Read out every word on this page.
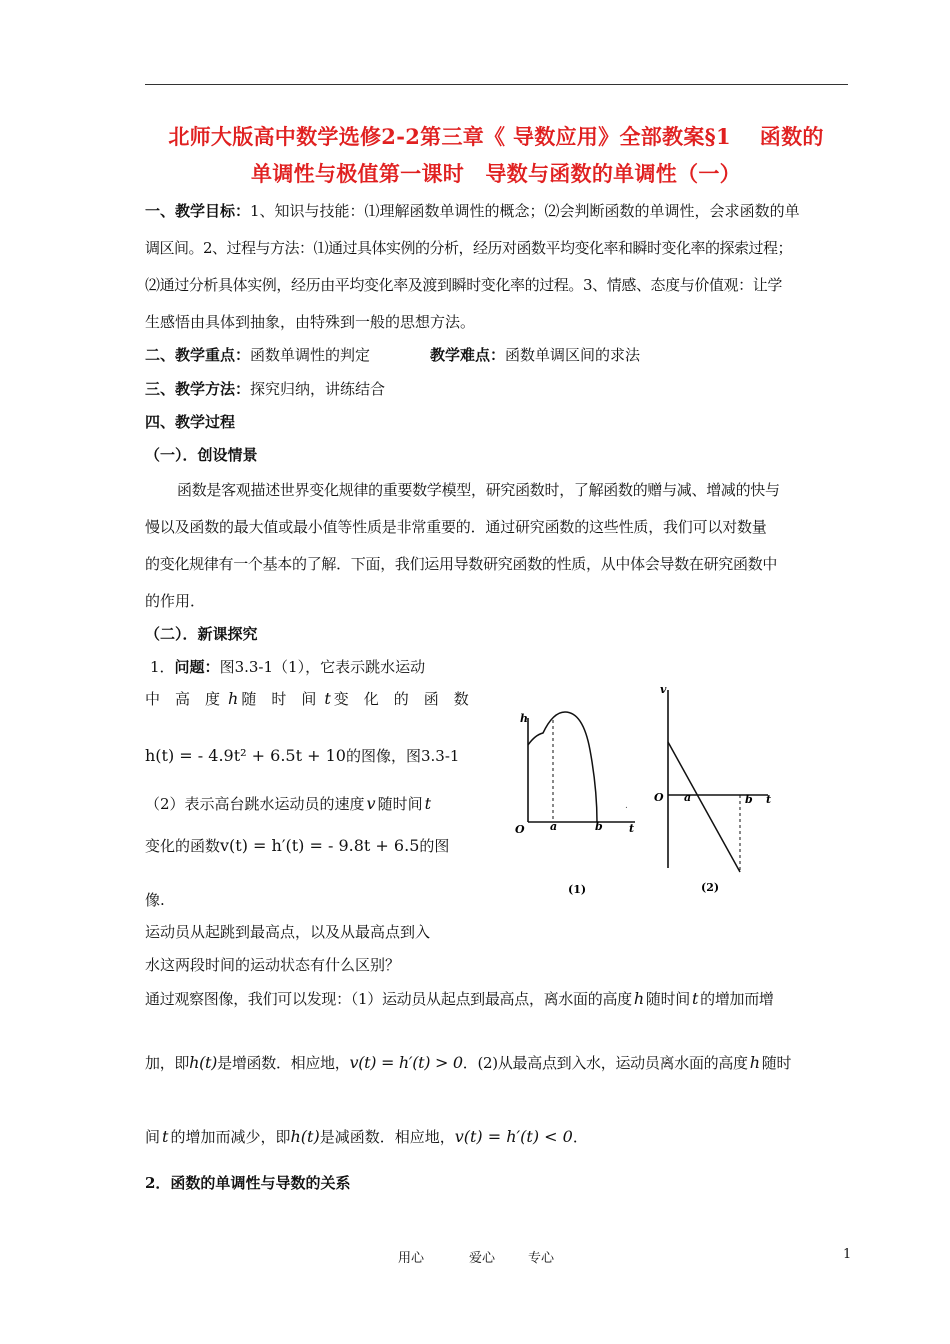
北师大版高中数学选修2-2第三章《 导数应用》全部教案§1　 函数的
单调性与极值第一课时　导数与函数的单调性（一）
一、教学目标：1、知识与技能：⑴理解函数单调性的概念；⑵会判断函数的单调性，会求函数的单
调区间。2、过程与方法：⑴通过具体实例的分析，经历对函数平均变化率和瞬时变化率的探索过程；
⑵通过分析具体实例，经历由平均变化率及渡到瞬时变化率的过程。3、情感、态度与价值观：让学
生感悟由具体到抽象，由特殊到一般的思想方法。
二、教学重点：函数单调性的判定	教学难点：函数单调区间的求法
三、教学方法：探究归纳，讲练结合
四、教学过程
（一）．创设情景
函数是客观描述世界变化规律的重要数学模型，研究函数时，了解函数的赠与减、增减的快与
慢以及函数的最大值或最小值等性质是非常重要的．通过研究函数的这些性质，我们可以对数量
的变化规律有一个基本的了解．下面，我们运用导数研究函数的性质，从中体会导数在研究函数中
的作用．
（二）．新课探究
1．问题：图3.3-1（1），它表示跳水运动
中　高　度 h 随　时　间 t 变　化　的　函　数
h(t) = - 4.9t² + 6.5t + 10的图像，图3.3-1
（2）表示高台跳水运动员的速度 v 随时间 t
变化的函数v(t) = h′(t) = - 9.8t + 6.5的图
像.
运动员从起跳到最高点，以及从最高点到入
水这两段时间的运动状态有什么区别？
通过观察图像，我们可以发现：（1）运动员从起点到最高点，离水面的高度 h 随时间 t 的增加而增
加，即h(t)是增函数．相应地，v(t) = h′(t) > 0．(2)从最高点到入水，运动员离水面的高度 h 随时
间 t 的增加而减少，即h(t)是减函数．相应地，v(t) = h′(t) < 0．
2．函数的单调性与导数的关系
h
O a	b t
.
(1)
v
O a	b t
(2)
用心	爱心	专心	1
